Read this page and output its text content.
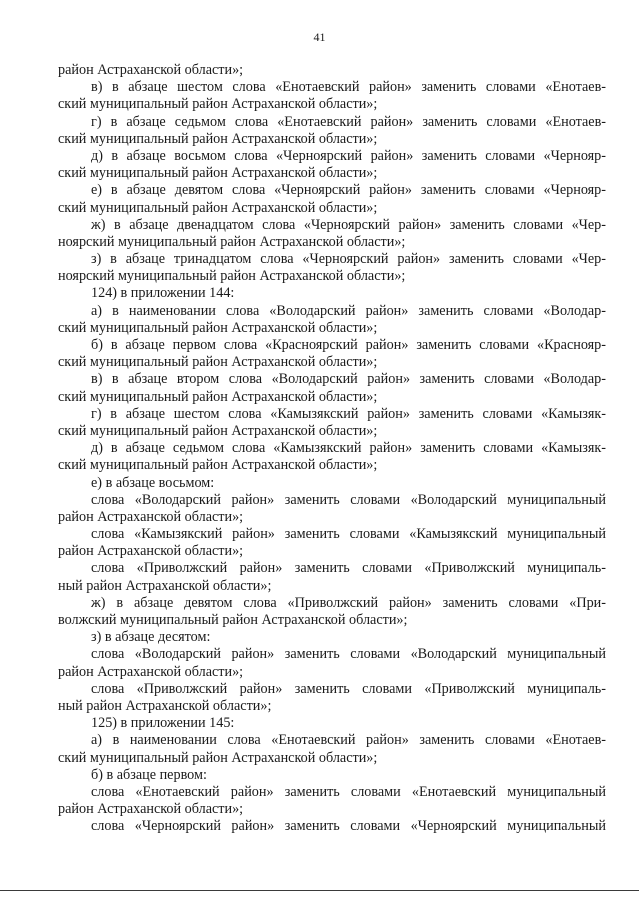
41
район Астраханской области»;
в) в абзаце шестом слова «Енотаевский район» заменить словами «Енотаев-
ский муниципальный район Астраханской области»;
г) в абзаце седьмом слова «Енотаевский район» заменить словами «Енотаев-
ский муниципальный район Астраханской области»;
д) в абзаце восьмом слова «Черноярский район» заменить словами «Чернояр-
ский муниципальный район Астраханской области»;
е) в абзаце девятом слова «Черноярский район» заменить словами «Чернояр-
ский муниципальный район Астраханской области»;
ж) в абзаце двенадцатом слова «Черноярский район» заменить словами «Чер-
ноярский муниципальный район Астраханской области»;
з) в абзаце тринадцатом слова «Черноярский район» заменить словами «Чер-
ноярский муниципальный район Астраханской области»;
124) в приложении 144:
а) в наименовании слова «Володарский район» заменить словами «Володар-
ский муниципальный район Астраханской области»;
б) в абзаце первом слова «Красноярский район» заменить словами «Краснояр-
ский муниципальный район Астраханской области»;
в) в абзаце втором слова «Володарский район» заменить словами «Володар-
ский муниципальный район Астраханской области»;
г) в абзаце шестом слова «Камызякский район» заменить словами «Камызяк-
ский муниципальный район Астраханской области»;
д) в абзаце седьмом слова «Камызякский район» заменить словами «Камызяк-
ский муниципальный район Астраханской области»;
е) в абзаце восьмом:
слова «Володарский район» заменить словами «Володарский муниципальный
район Астраханской области»;
слова «Камызякский район» заменить словами «Камызякский муниципальный
район Астраханской области»;
слова «Приволжский район» заменить словами «Приволжский муниципаль-
ный район Астраханской области»;
ж) в абзаце девятом слова «Приволжский район» заменить словами «При-
волжский муниципальный район Астраханской области»;
з) в абзаце десятом:
слова «Володарский район» заменить словами «Володарский муниципальный
район Астраханской области»;
слова «Приволжский район» заменить словами «Приволжский муниципаль-
ный район Астраханской области»;
125) в приложении 145:
а) в наименовании слова «Енотаевский район» заменить словами «Енотаев-
ский муниципальный район Астраханской области»;
б) в абзаце первом:
слова «Енотаевский район» заменить словами «Енотаевский муниципальный
район Астраханской области»;
слова «Черноярский район» заменить словами «Черноярский муниципальный
